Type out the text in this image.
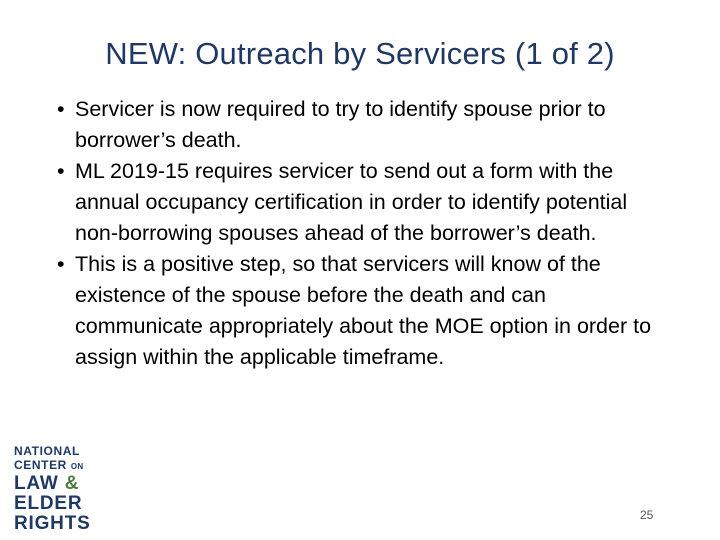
NEW: Outreach by Servicers (1 of 2)
• Servicer is now required to try to identify spouse prior to borrower’s death.
• ML 2019-15 requires servicer to send out a form with the annual occupancy certification in order to identify potential non-borrowing spouses ahead of the borrower’s death.
• This is a positive step, so that servicers will know of the existence of the spouse before the death and can communicate appropriately about the MOE option in order to assign within the applicable timeframe.
NATIONAL
CENTER ON
LAW &
ELDER
RIGHTS	25
